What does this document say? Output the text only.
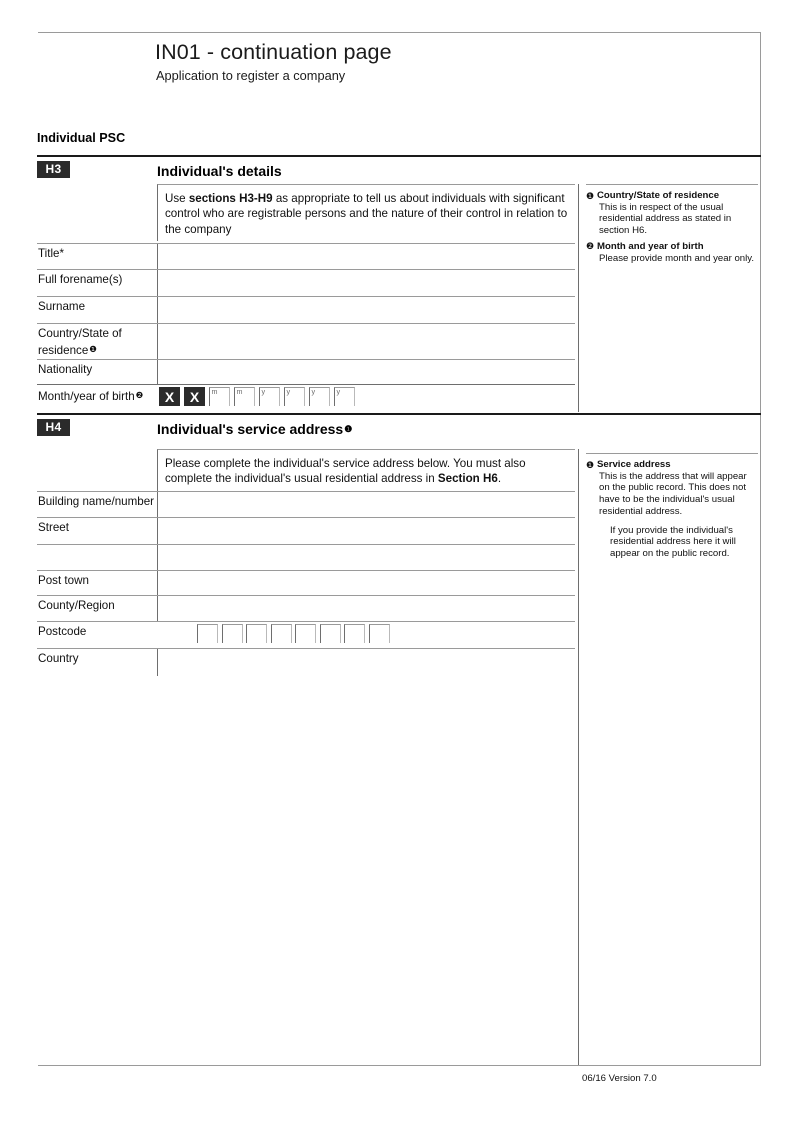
IN01 - continuation page
Application to register a company
Individual PSC
H3	Individual's details
Use sections H3-H9 as appropriate to tell us about individuals with significant control who are registrable persons and the nature of their control in relation to the company
❶ Country/State of residence
This is in respect of the usual residential address as stated in section H6.
❷ Month and year of birth
Please provide month and year only.
Title*
Full forename(s)
Surname
Country/State of
residence$^❶$
Nationality
Month/year of birth$^❷$	X	X	m	m	y	y	y	y
H4	Individual's service address$^❶$
Please complete the individual's service address below. You must also complete the individual's usual residential address in Section H6.
❶ Service address
This is the address that will appear on the public record. This does not have to be the individual's usual residential address.
If you provide the individual's residential address here it will appear on the public record.
Building name/number
Street
Post town
County/Region
Postcode
Country
06/16 Version 7.0
